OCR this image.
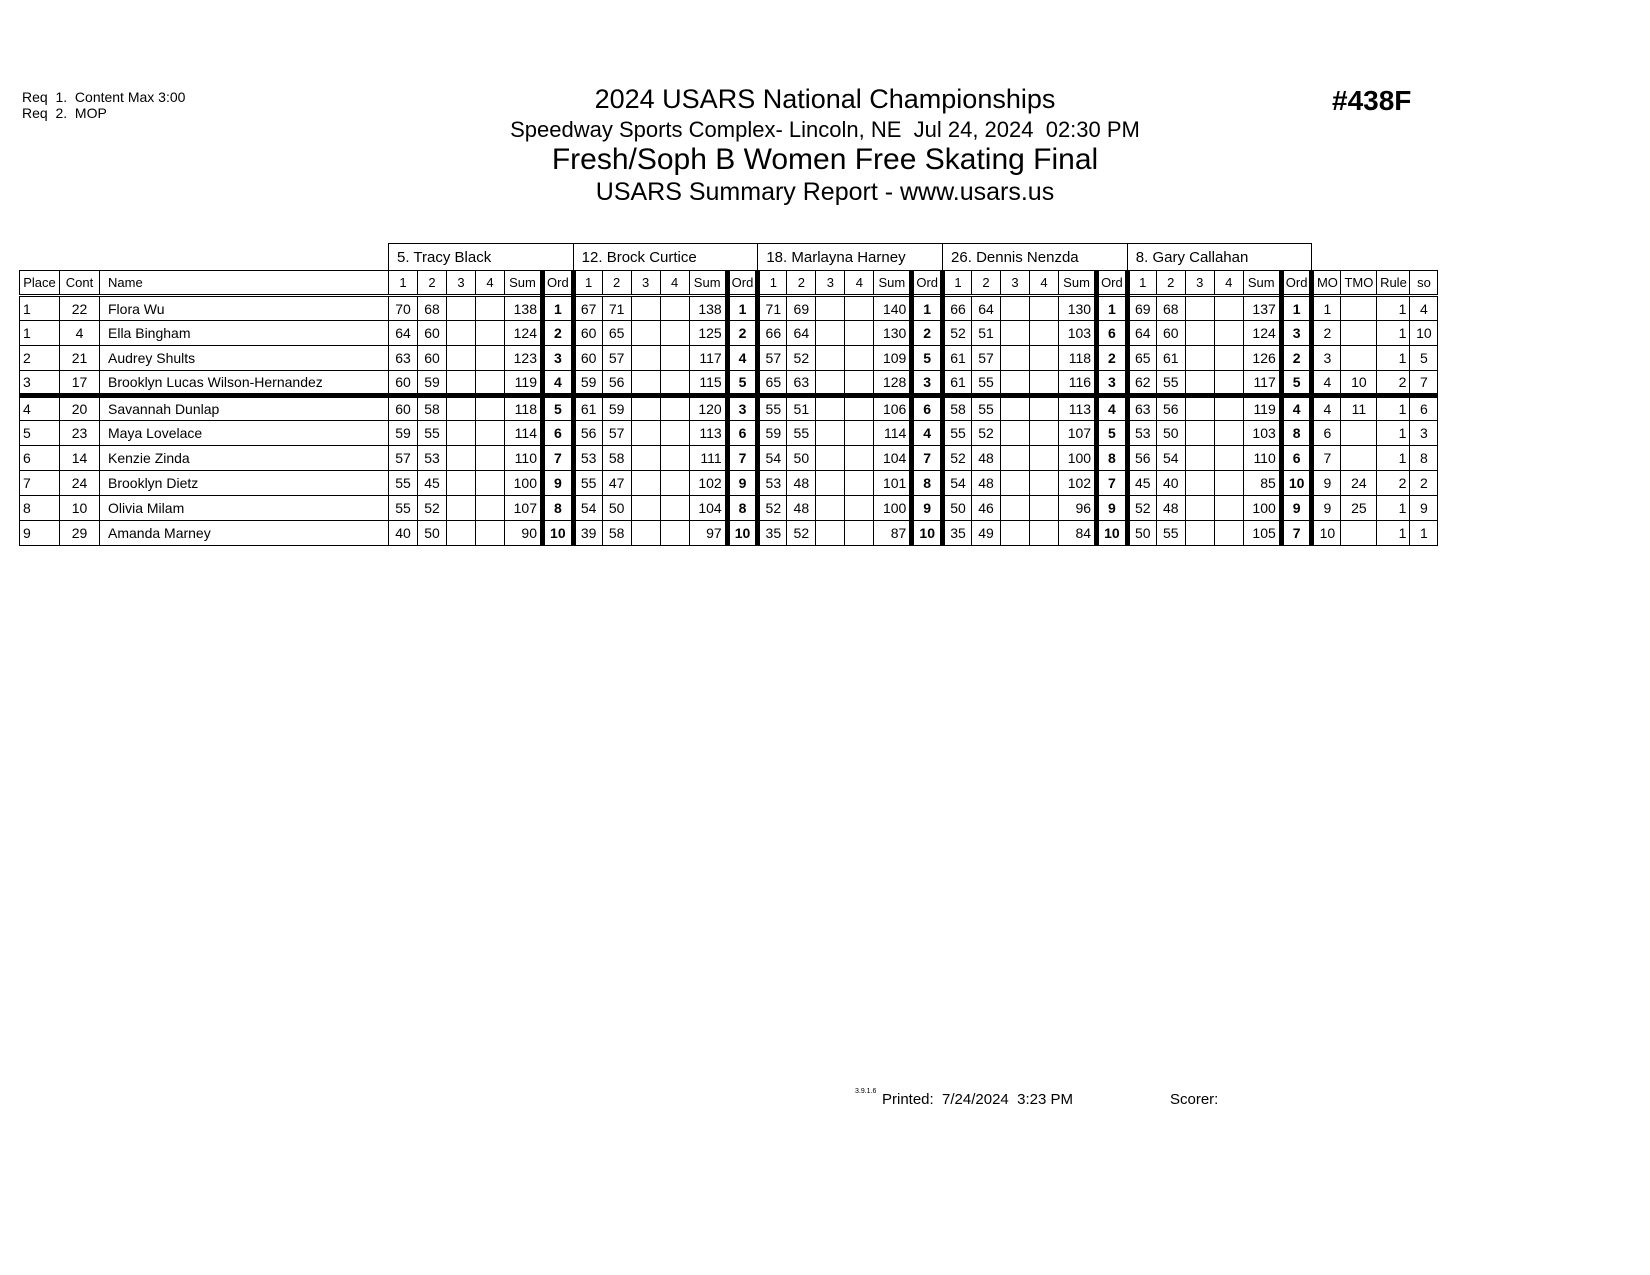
Req  1.  Content Max 3:00
Req  2.  MOP	2024 USARS National Championships
Speedway Sports Complex- Lincoln, NE  Jul 24, 2024  02:30 PM
Fresh/Soph B Women Free Skating Final
USARS Summary Report - www.usars.us
#438F
			5. Tracy Black						12. Brock Curtice						18. Marlayna Harney						26. Dennis Nenzda						8. Gary Callahan									
Place	Cont	Name	1	2	3	4	Sum	Ord	1	2	3	4	Sum	Ord	1	2	3	4	Sum	Ord	1	2	3	4	Sum	Ord	1	2	3	4	Sum	Ord	MO	TMO	Rule	so
1	22	Flora Wu	70	68			138	1	67	71			138	1	71	69			140	1	66	64			130	1	69	68			137	1	1		1	4
1	4	Ella Bingham	64	60			124	2	60	65			125	2	66	64			130	2	52	51			103	6	64	60			124	3	2		1	10
2	21	Audrey Shults	63	60			123	3	60	57			117	4	57	52			109	5	61	57			118	2	65	61			126	2	3		1	5
3	17	Brooklyn Lucas Wilson-Hernandez	60	59			119	4	59	56			115	5	65	63			128	3	61	55			116	3	62	55			117	5	4	10	2	7
4	20	Savannah Dunlap	60	58			118	5	61	59			120	3	55	51			106	6	58	55			113	4	63	56			119	4	4	11	1	6
5	23	Maya Lovelace	59	55			114	6	56	57			113	6	59	55			114	4	55	52			107	5	53	50			103	8	6		1	3
6	14	Kenzie Zinda	57	53			110	7	53	58			111	7	54	50			104	7	52	48			100	8	56	54			110	6	7		1	8
7	24	Brooklyn Dietz	55	45			100	9	55	47			102	9	53	48			101	8	54	48			102	7	45	40			85	10	9	24	2	2
8	10	Olivia Milam	55	52			107	8	54	50			104	8	52	48			100	9	50	46			96	9	52	48			100	9	9	25	1	9
9	29	Amanda Marney	40	50			90	10	39	58			97	10	35	52			87	10	35	49			84	10	50	55			105	7	10		1	1
3.9.1.6 Printed:  7/24/2024  3:23 PM	Scorer:
